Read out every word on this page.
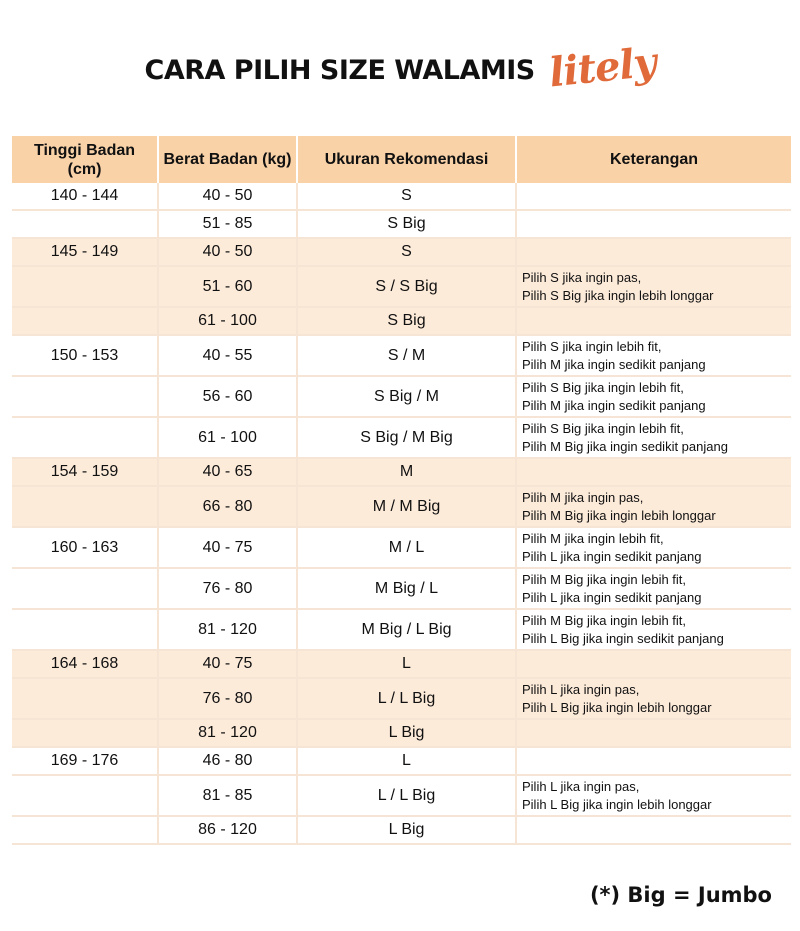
CARA PILIH SIZE WALAMIS litely
Tinggi Badan (cm)	Berat Badan (kg)	Ukuran Rekomendasi	Keterangan
140 - 144	40 - 50	S	
	51 - 85	S Big	
145 - 149	40 - 50	S	
	51 - 60	S / S Big	Pilih S jika ingin pas,
Pilih S Big jika ingin lebih longgar

	61 - 100	S Big	
150 - 153	40 - 55	S / M	Pilih S jika ingin lebih fit,
Pilih M jika ingin sedikit panjang

	56 - 60	S Big / M	Pilih S Big jika ingin lebih fit,
Pilih M jika ingin sedikit panjang

	61 - 100	S Big / M Big	Pilih S Big jika ingin lebih fit,
Pilih M Big jika ingin sedikit panjang

154 - 159	40 - 65	M	
	66 - 80	M / M Big	Pilih M jika ingin pas,
Pilih M Big jika ingin lebih longgar

160 - 163	40 - 75	M / L	Pilih M jika ingin lebih fit,
Pilih L jika ingin sedikit panjang

	76 - 80	M Big / L	Pilih M Big jika ingin lebih fit,
Pilih L jika ingin sedikit panjang

	81 - 120	M Big / L Big	Pilih M Big jika ingin lebih fit,
Pilih L Big jika ingin sedikit panjang

164 - 168	40 - 75	L	
	76 - 80	L / L Big	Pilih L jika ingin pas,
Pilih L Big jika ingin lebih longgar

	81 - 120	L Big	
169 - 176	46 - 80	L	
	81 - 85	L / L Big	Pilih L jika ingin pas,
Pilih L Big jika ingin lebih longgar

	86 - 120	L Big	
(*) Big = Jumbo
